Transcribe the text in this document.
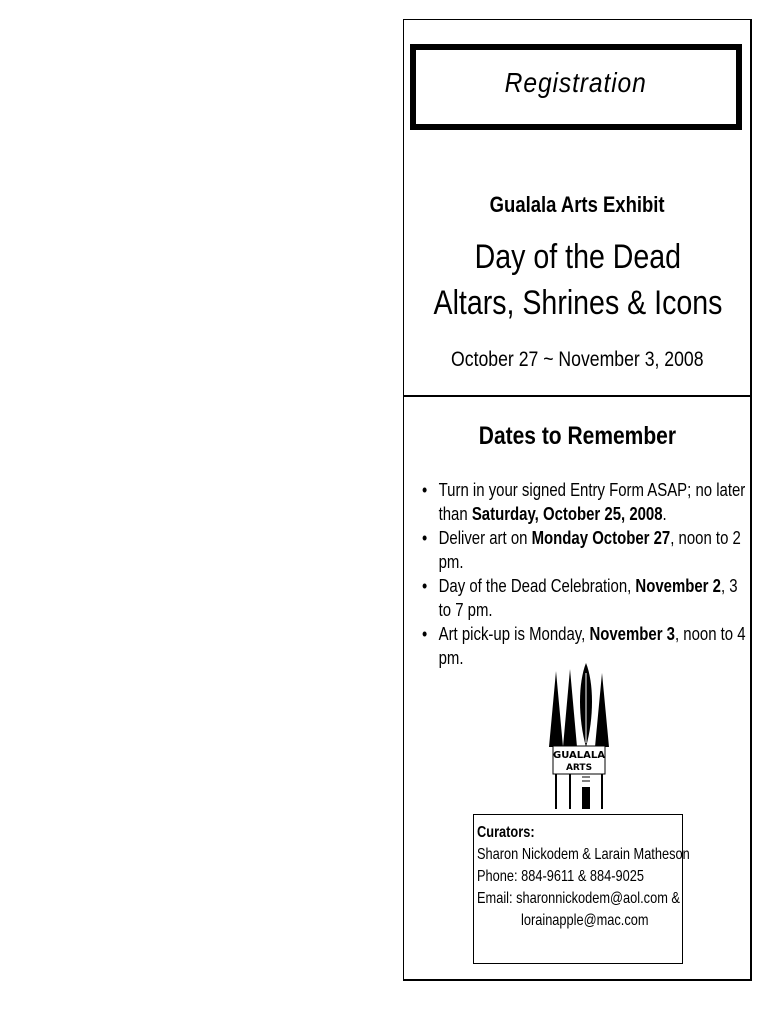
Registration
Gualala Arts Exhibit
Day of the Dead
Altars, Shrines & Icons
October 27 ~ November 3, 2008
Dates to Remember
• Turn in your signed Entry Form ASAP; no later than Saturday, October 25, 2008.
• Deliver art on Monday October 27, noon to 2 pm.
• Day of the Dead Celebration, November 2, 3 to 7 pm.
• Art pick-up is Monday, November 3, noon to 4 pm.
GUALALA
ARTS
Curators:
Sharon Nickodem & Larain Matheson
Phone: 884-9611 & 884-9025
Email: sharonnickodem@aol.com &
lorainapple@mac.com
